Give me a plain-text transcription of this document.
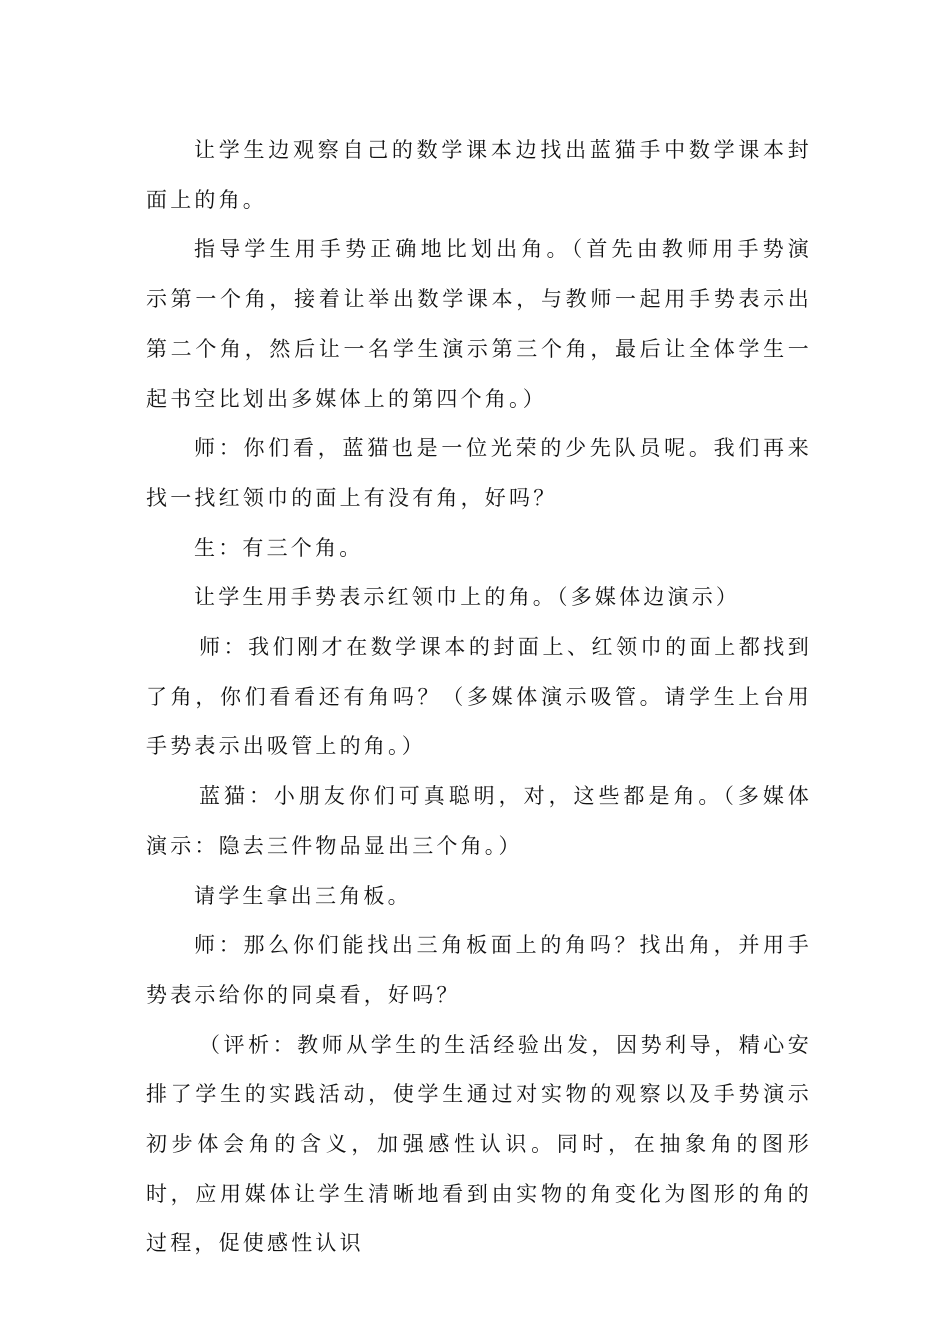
让学生边观察自己的数学课本边找出蓝猫手中数学课本封面上的角。

指导学生用手势正确地比划出角。（首先由教师用手势演示第一个角，接着让举出数学课本，与教师一起用手势表示出第二个角，然后让一名学生演示第三个角，最后让全体学生一起书空比划出多媒体上的第四个角。）

师：你们看，蓝猫也是一位光荣的少先队员呢。我们再来找一找红领巾的面上有没有角，好吗？

生：有三个角。

让学生用手势表示红领巾上的角。（多媒体边演示）

师：我们刚才在数学课本的封面上、红领巾的面上都找到了角，你们看看还有角吗？（多媒体演示吸管。请学生上台用手势表示出吸管上的角。）

蓝猫：小朋友你们可真聪明，对，这些都是角。（多媒体演示：隐去三件物品显出三个角。）

请学生拿出三角板。

师：那么你们能找出三角板面上的角吗？找出角，并用手势表示给你的同桌看，好吗？

（评析：教师从学生的生活经验出发，因势利导，精心安排了学生的实践活动，使学生通过对实物的观察以及手势演示初步体会角的含义，加强感性认识。同时，在抽象角的图形时，应用媒体让学生清晰地看到由实物的角变化为图形的角的过程，促使感性认识
